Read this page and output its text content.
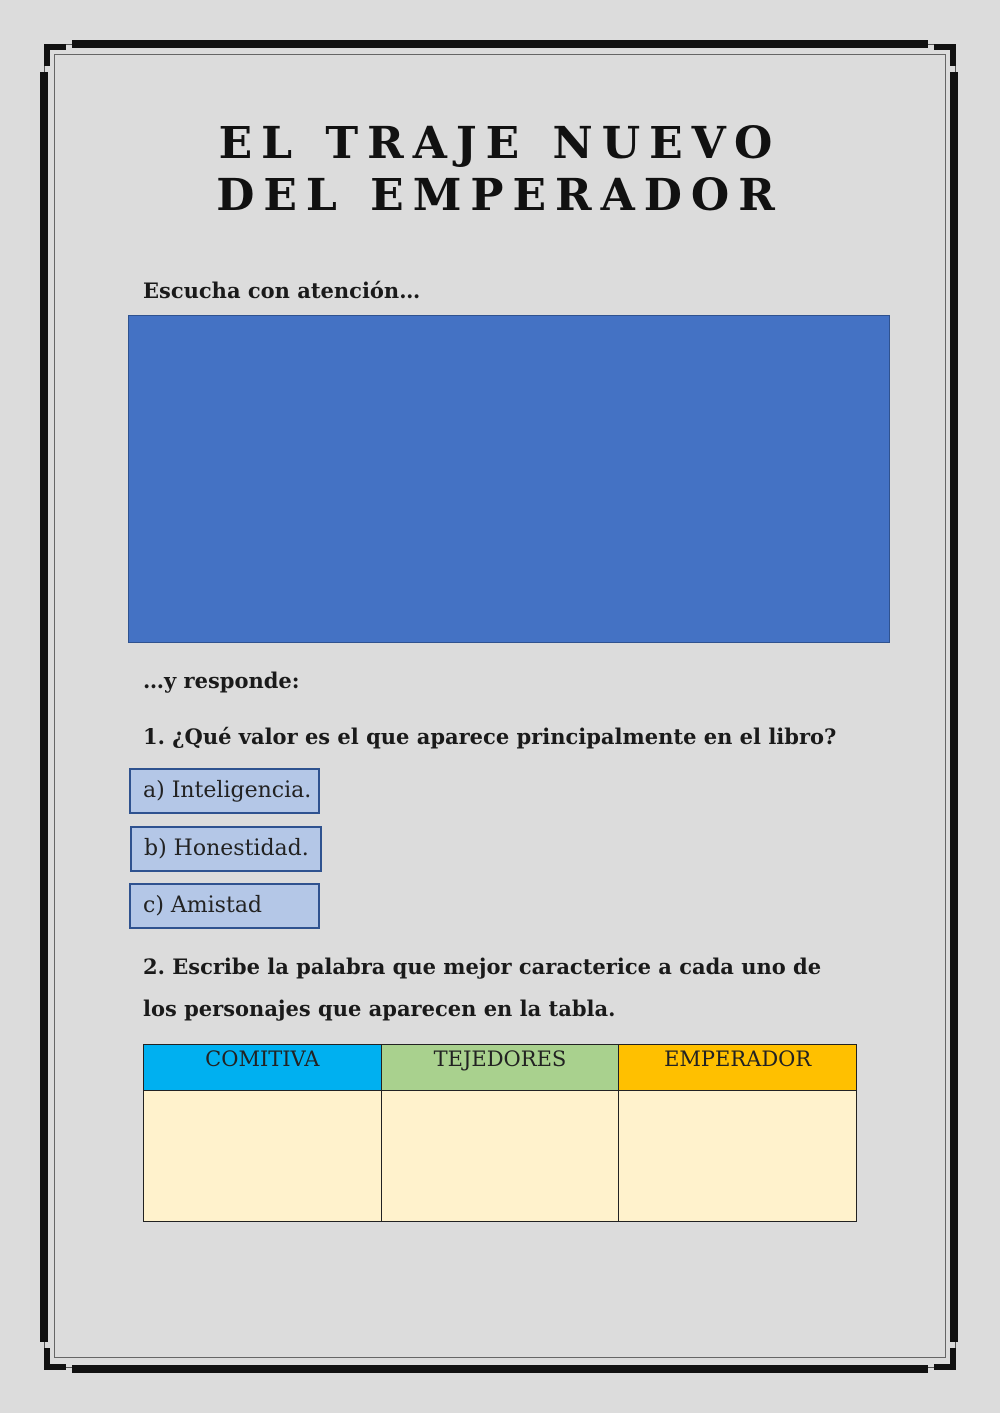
EL TRAJE NUEVO
DEL EMPERADOR
Escucha con atención…
…y responde:
1. ¿Qué valor es el que aparece principalmente en el libro?
a) Inteligencia.
b) Honestidad.
c) Amistad
2. Escribe la palabra que mejor caracterice a cada uno de los personajes que aparecen en la tabla.
COMITIVA	TEJEDORES	EMPERADOR
